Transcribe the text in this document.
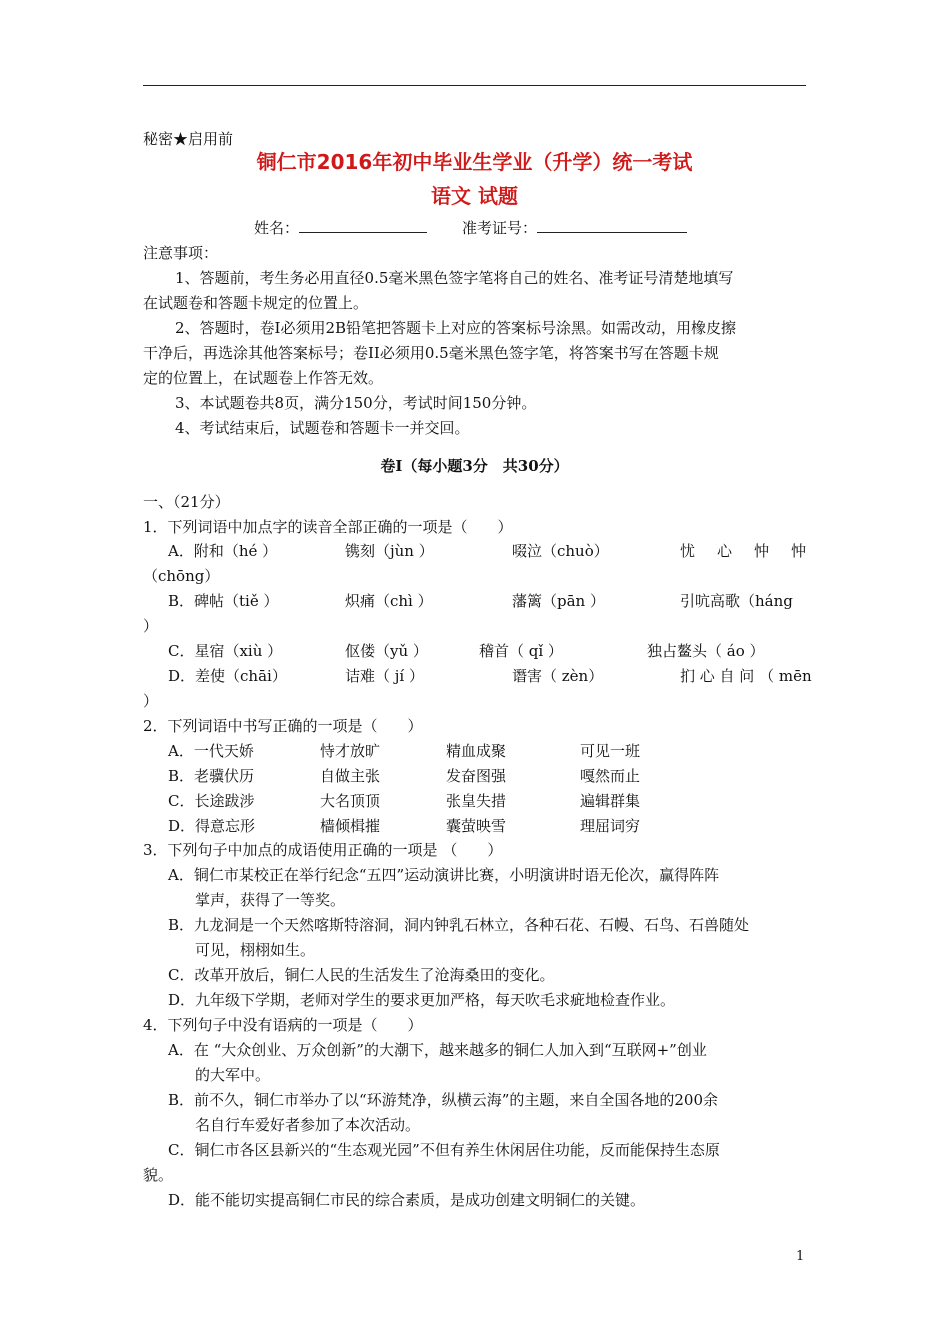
秘密★启用前
铜仁市2016年初中毕业生学业（升学）统一考试
语文 试题
姓名：	准考证号：
注意事项：
1、答题前，考生务必用直径0.5毫米黑色签字笔将自己的姓名、准考证号清楚地填写
在试题卷和答题卡规定的位置上。
2、答题时，卷I必须用2B铅笔把答题卡上对应的答案标号涂黑。如需改动，用橡皮擦
干净后，再选涂其他答案标号；卷II必须用0.5毫米黑色签字笔，将答案书写在答题卡规
定的位置上，在试题卷上作答无效。
3、本试题卷共8页，满分150分，考试时间150分钟。
4、考试结束后，试题卷和答题卡一并交回。
卷Ⅰ（每小题3分　共30分）
一、（21分）
1．下列词语中加点字的读音全部正确的一项是（　　）
A．附和（hé ）	镌刻（jùn ）	啜泣（chuò）	忧　心　忡　忡
（chōng）
B．碑帖（tiě ）	炽痛（chì ）	藩篱（pān ）	引吭高歌（háng
）
C．星宿（xiù ）	伛偻（yǔ ）	稽首（ qǐ ）	独占鳌头（ áo ）
D．差使（chāi）	诘难（ jí ）	谮害（ zèn）	扪 心 自 问 （ mēn
）
2．下列词语中书写正确的一项是（　　）
A．一代天娇	恃才放旷	精血成聚	可见一班
B．老骥伏历	自做主张	发奋图强	嘎然而止
C．长途跋涉	大名顶顶	张皇失措	遍辑群集
D．得意忘形	樯倾楫摧	囊萤映雪	理屈词穷
3．下列句子中加点的成语使用正确的一项是 （　　）
A．铜仁市某校正在举行纪念“五四”运动演讲比赛，小明演讲时语无伦次，赢得阵阵
掌声，获得了一等奖。
B．九龙洞是一个天然喀斯特溶洞，洞内钟乳石林立，各种石花、石幔、石鸟、石兽随处
可见，栩栩如生。
C．改革开放后，铜仁人民的生活发生了沧海桑田的变化。
D．九年级下学期，老师对学生的要求更加严格，每天吹毛求疵地检查作业。
4．下列句子中没有语病的一项是（　　）
A．在 “大众创业、万众创新”的大潮下，越来越多的铜仁人加入到“互联网+”创业
的大军中。
B．前不久，铜仁市举办了以“环游梵净，纵横云海”的主题，来自全国各地的200余
名自行车爱好者参加了本次活动。
C．铜仁市各区县新兴的“生态观光园”不但有养生休闲居住功能，反而能保持生态原
貌。
D．能不能切实提高铜仁市民的综合素质，是成功创建文明铜仁的关键。
1
